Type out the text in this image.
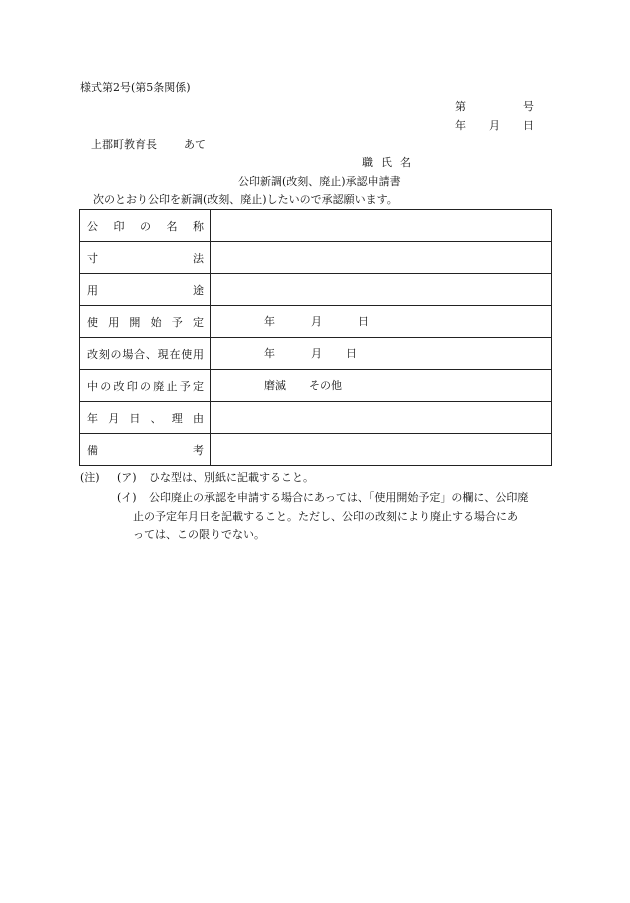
様式第2号(第5条関係)
第	号
年 月 日
上郡町教育長 あて
職氏名
公印新調(改刻、廃止)承認申請書
次のとおり公印を新調(改刻、廃止)したいので承認願います。
公印の名称	
寸法	
用途	
使用開始予定	年 月 日

改刻の場合、現在使用	年 月 日

中の改印の廃止予定	磨滅 その他

年月日、理由	
備考	
(注) (ア) ひな型は、別紙に記載すること。
(イ) 公印廃止の承認を申請する場合にあっては、「使用開始予定」の欄に、公印廃
止の予定年月日を記載すること。ただし、公印の改刻により廃止する場合にあ
っては、この限りでない。
